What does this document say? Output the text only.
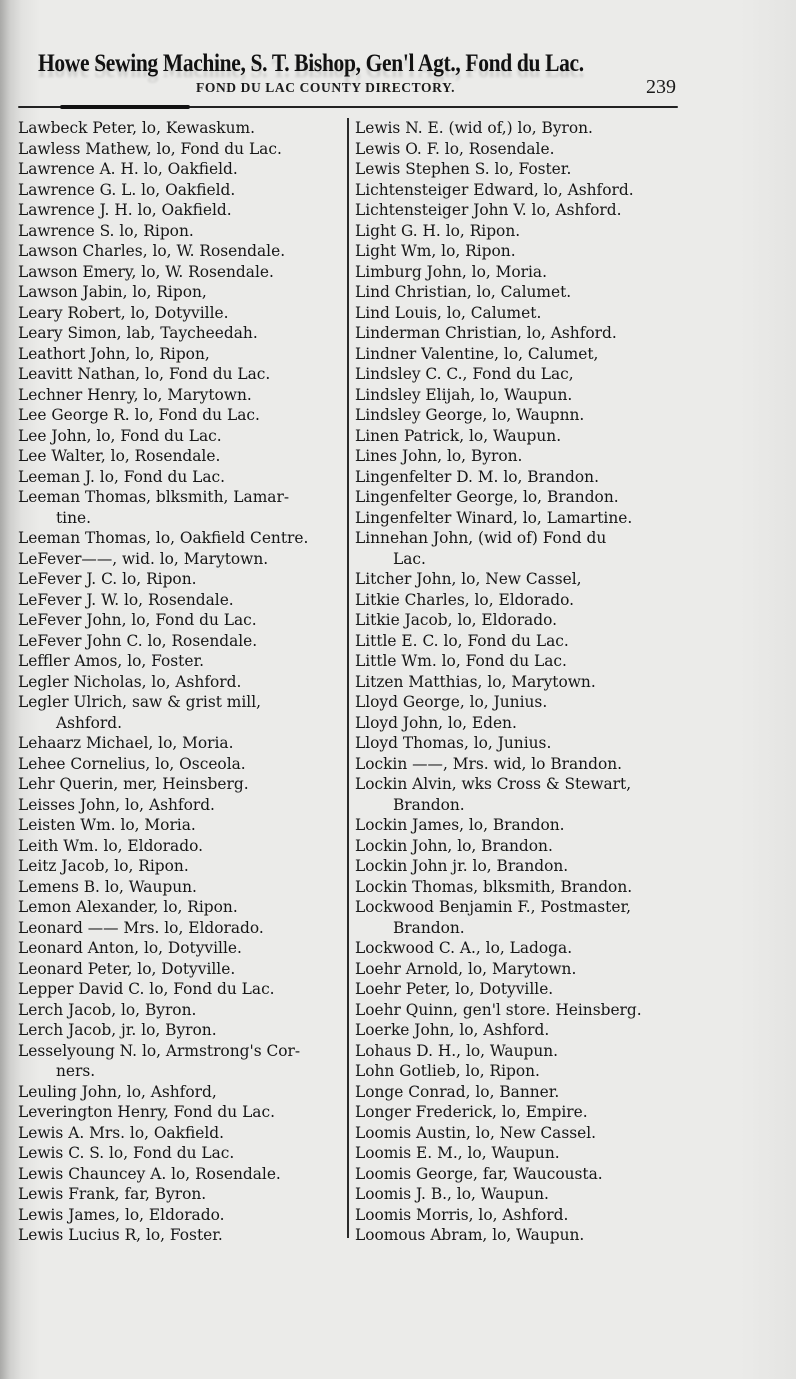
Howe Sewing Machine, S. T. Bishop, Gen'l Agt., Fond du Lac.
FOND DU LAC COUNTY DIRECTORY.	239
Lawbeck Peter, lo, Kewaskum.
Lawless Mathew, lo, Fond du Lac.
Lawrence A. H. lo, Oakfield.
Lawrence G. L. lo, Oakfield.
Lawrence J. H. lo, Oakfield.
Lawrence S. lo, Ripon.
Lawson Charles, lo, W. Rosendale.
Lawson Emery, lo, W. Rosendale.
Lawson Jabin, lo, Ripon,
Leary Robert, lo, Dotyville.
Leary Simon, lab, Taycheedah.
Leathort John, lo, Ripon,
Leavitt Nathan, lo, Fond du Lac.
Lechner Henry, lo, Marytown.
Lee George R. lo, Fond du Lac.
Lee John, lo, Fond du Lac.
Lee Walter, lo, Rosendale.
Leeman J. lo, Fond du Lac.
Leeman Thomas, blksmith, Lamar-
tine.
Leeman Thomas, lo, Oakfield Centre.
LeFever——, wid. lo, Marytown.
LeFever J. C. lo, Ripon.
LeFever J. W. lo, Rosendale.
LeFever John, lo, Fond du Lac.
LeFever John C. lo, Rosendale.
Leffler Amos, lo, Foster.
Legler Nicholas, lo, Ashford.
Legler Ulrich, saw & grist mill,
Ashford.
Lehaarz Michael, lo, Moria.
Lehee Cornelius, lo, Osceola.
Lehr Querin, mer, Heinsberg.
Leisses John, lo, Ashford.
Leisten Wm. lo, Moria.
Leith Wm. lo, Eldorado.
Leitz Jacob, lo, Ripon.
Lemens B. lo, Waupun.
Lemon Alexander, lo, Ripon.
Leonard —— Mrs. lo, Eldorado.
Leonard Anton, lo, Dotyville.
Leonard Peter, lo, Dotyville.
Lepper David C. lo, Fond du Lac.
Lerch Jacob, lo, Byron.
Lerch Jacob, jr. lo, Byron.
Lesselyoung N. lo, Armstrong's Cor-
ners.
Leuling John, lo, Ashford,
Leverington Henry, Fond du Lac.
Lewis A. Mrs. lo, Oakfield.
Lewis C. S. lo, Fond du Lac.
Lewis Chauncey A. lo, Rosendale.
Lewis Frank, far, Byron.
Lewis James, lo, Eldorado.
Lewis Lucius R, lo, Foster.
Lewis N. E. (wid of,) lo, Byron.
Lewis O. F. lo, Rosendale.
Lewis Stephen S. lo, Foster.
Lichtensteiger Edward, lo, Ashford.
Lichtensteiger John V. lo, Ashford.
Light G. H. lo, Ripon.
Light Wm, lo, Ripon.
Limburg John, lo, Moria.
Lind Christian, lo, Calumet.
Lind Louis, lo, Calumet.
Linderman Christian, lo, Ashford.
Lindner Valentine, lo, Calumet,
Lindsley C. C., Fond du Lac,
Lindsley Elijah, lo, Waupun.
Lindsley George, lo, Waupnn.
Linen Patrick, lo, Waupun.
Lines John, lo, Byron.
Lingenfelter D. M. lo, Brandon.
Lingenfelter George, lo, Brandon.
Lingenfelter Winard, lo, Lamartine.
Linnehan John, (wid of) Fond du
Lac.
Litcher John, lo, New Cassel,
Litkie Charles, lo, Eldorado.
Litkie Jacob, lo, Eldorado.
Little E. C. lo, Fond du Lac.
Little Wm. lo, Fond du Lac.
Litzen Matthias, lo, Marytown.
Lloyd George, lo, Junius.
Lloyd John, lo, Eden.
Lloyd Thomas, lo, Junius.
Lockin ——, Mrs. wid, lo Brandon.
Lockin Alvin, wks Cross & Stewart,
Brandon.
Lockin James, lo, Brandon.
Lockin John, lo, Brandon.
Lockin John jr. lo, Brandon.
Lockin Thomas, blksmith, Brandon.
Lockwood Benjamin F., Postmaster,
Brandon.
Lockwood C. A., lo, Ladoga.
Loehr Arnold, lo, Marytown.
Loehr Peter, lo, Dotyville.
Loehr Quinn, gen'l store. Heinsberg.
Loerke John, lo, Ashford.
Lohaus D. H., lo, Waupun.
Lohn Gotlieb, lo, Ripon.
Longe Conrad, lo, Banner.
Longer Frederick, lo, Empire.
Loomis Austin, lo, New Cassel.
Loomis E. M., lo, Waupun.
Loomis George, far, Waucousta.
Loomis J. B., lo, Waupun.
Loomis Morris, lo, Ashford.
Loomous Abram, lo, Waupun.
